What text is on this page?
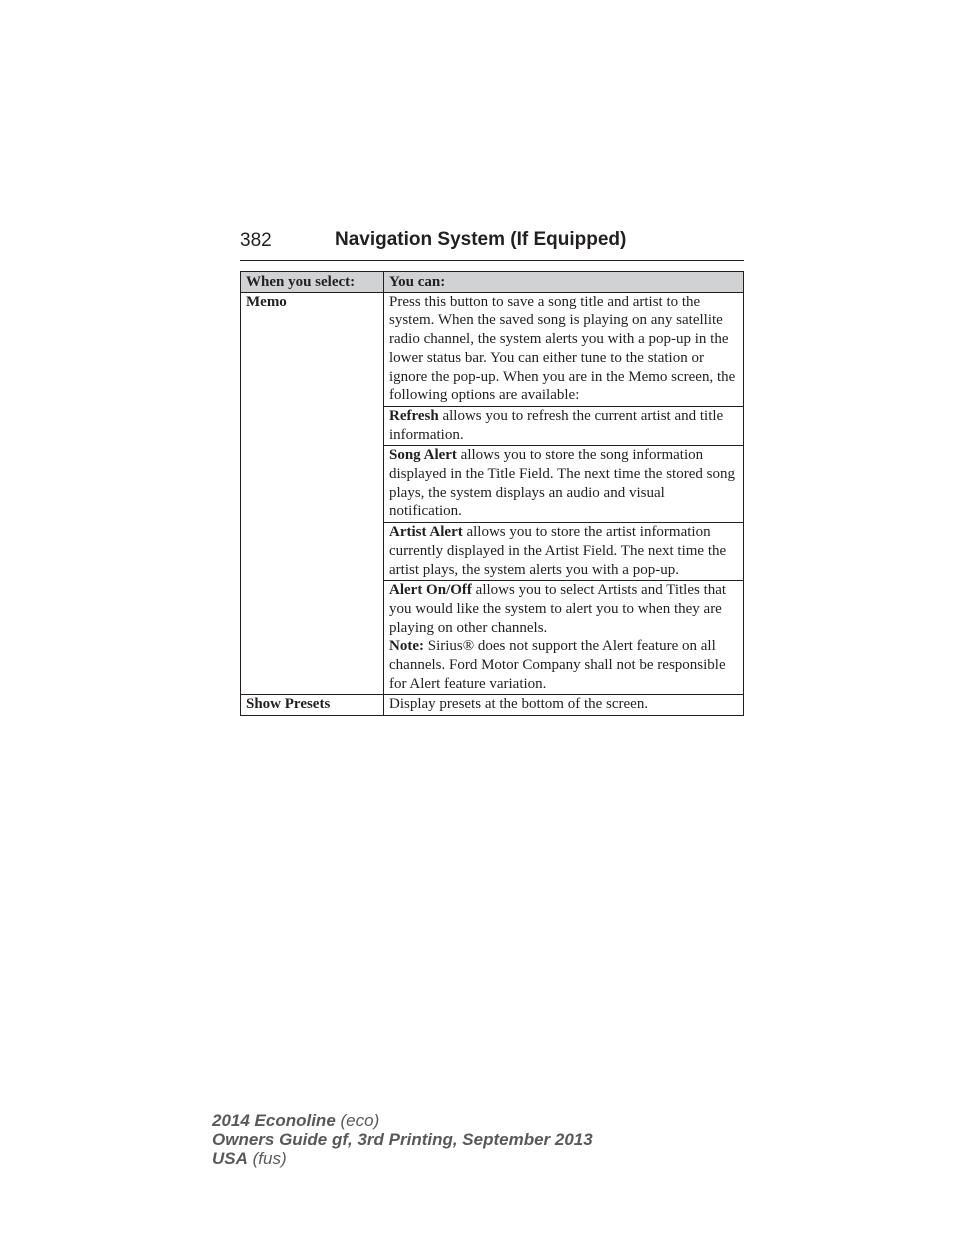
382	Navigation System (If Equipped)
When you select:	You can:
Memo	Press this button to save a song title and artist to the system. When the saved song is playing on any satellite radio channel, the system alerts you with a pop-up in the lower status bar. You can either tune to the station or ignore the pop-up. When you are in the Memo screen, the following options are available:
	Refresh allows you to refresh the current artist and title information.
	Song Alert allows you to store the song information displayed in the Title Field. The next time the stored song plays, the system displays an audio and visual notification.
	Artist Alert allows you to store the artist information currently displayed in the Artist Field. The next time the artist plays, the system alerts you with a pop-up.
	Alert On/Off allows you to select Artists and Titles that you would like the system to alert you to when they are playing on other channels.
Note: Sirius® does not support the Alert feature on all channels. Ford Motor Company shall not be responsible for Alert feature variation.
Show Presets	Display presets at the bottom of the screen.
2014 Econoline (eco)
Owners Guide gf, 3rd Printing, September 2013
USA (fus)
